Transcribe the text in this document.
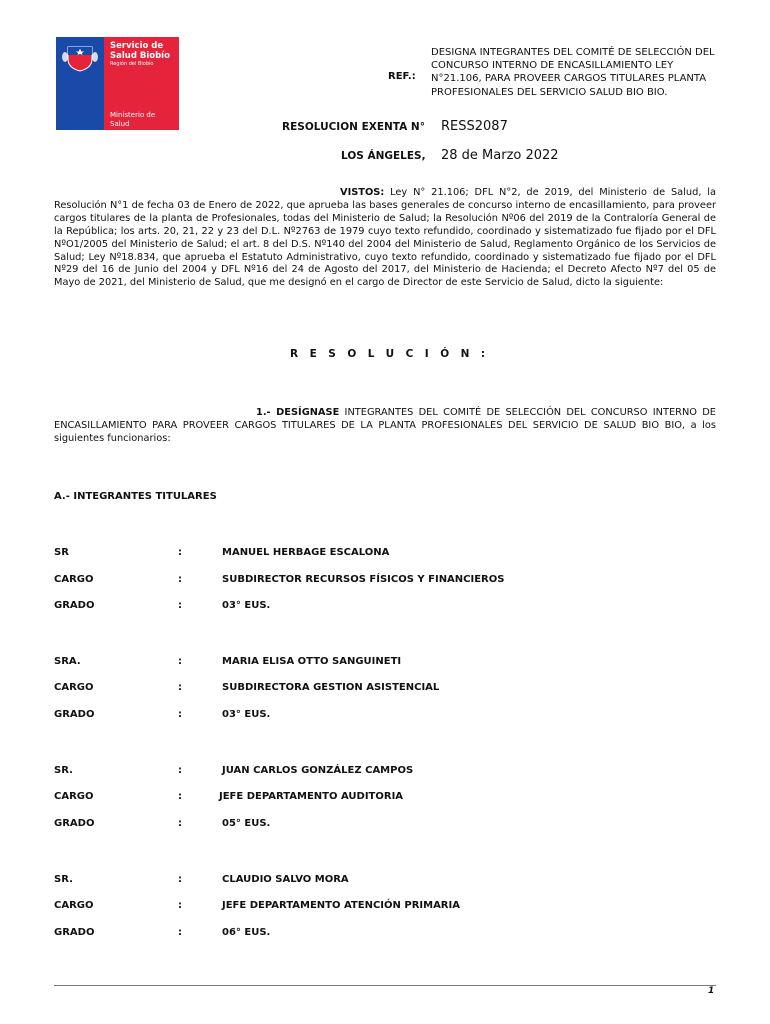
Servicio de
Salud Biobío
Región del Biobío
Ministerio de
Salud
REF.:
DESIGNA INTEGRANTES DEL COMITÉ DE SELECCIÓN DEL CONCURSO INTERNO DE ENCASILLAMIENTO LEY N°21.106, PARA PROVEER CARGOS TITULARES PLANTA PROFESIONALES DEL SERVICIO SALUD BIO BIO.
RESOLUCION EXENTA N° RESS2087
LOS ÁNGELES, 28 de Marzo 2022
VISTOS: Ley N° 21.106; DFL N°2, de 2019, del Ministerio de Salud, la Resolución N°1 de fecha 03 de Enero de 2022, que aprueba las bases generales de concurso interno de encasillamiento, para proveer cargos titulares de la planta de Profesionales, todas del Ministerio de Salud; la Resolución Nº06 del 2019 de la Contraloría General de la República; los arts. 20, 21, 22 y 23 del D.L. Nº2763 de 1979 cuyo texto refundido, coordinado y sistematizado fue fijado por el DFL NºO1/2005 del Ministerio de Salud; el art. 8 del D.S. Nº140 del 2004 del Ministerio de Salud, Reglamento Orgánico de los Servicios de Salud; Ley Nº18.834, que aprueba el Estatuto Administrativo, cuyo texto refundido, coordinado y sistematizado fue fijado por el DFL Nº29 del 16 de Junio del 2004 y DFL Nº16 del 24 de Agosto del 2017, del Ministerio de Hacienda; el Decreto Afecto Nº7 del 05 de Mayo de 2021, del Ministerio de Salud, que me designó en el cargo de Director de este Servicio de Salud, dicto la siguiente:
RESOLUCIÓN:
1.- DESÍGNASE INTEGRANTES DEL COMITÉ DE SELECCIÓN DEL CONCURSO INTERNO DE ENCASILLAMIENTO PARA PROVEER CARGOS TITULARES DE LA PLANTA PROFESIONALES DEL SERVICIO DE SALUD BIO BIO, a los siguientes funcionarios:
A.- INTEGRANTES TITULARES
SR	:	MANUEL HERBAGE ESCALONA
CARGO	:	SUBDIRECTOR RECURSOS FÍSICOS Y FINANCIEROS
GRADO	:	03° EUS.
SRA.	:	MARIA ELISA OTTO SANGUINETI
CARGO	:	SUBDIRECTORA GESTION ASISTENCIAL
GRADO	:	03° EUS.
SR.	:	JUAN CARLOS GONZÁLEZ CAMPOS
CARGO	:	JEFE DEPARTAMENTO AUDITORIA
GRADO	:	05° EUS.
SR.	:	CLAUDIO SALVO MORA
CARGO	:	JEFE DEPARTAMENTO ATENCIÓN PRIMARIA
GRADO	:	06° EUS.
1
